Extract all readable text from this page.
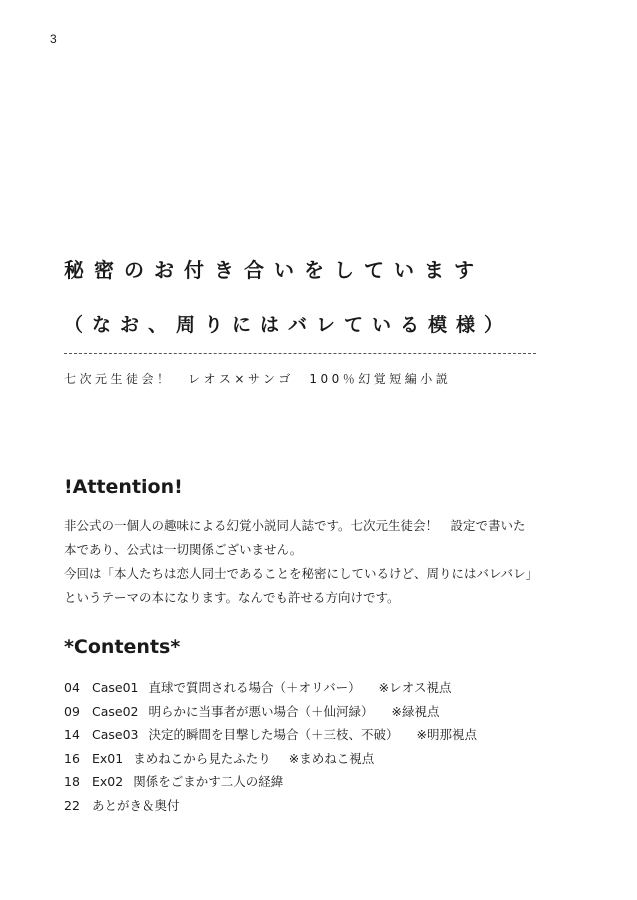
3
秘密のお付き合いをしています
（なお、周りにはバレている模様）
七次元生徒会！　レオス×サンゴ　100％幻覚短編小説
!Attention!

非公式の一個人の趣味による幻覚小説同人誌です。七次元生徒会！　設定で書いた本であり、公式は一切関係ございません。

今回は「本人たちは恋人同士であることを秘密にしているけど、周りにはバレバレ」というテーマの本になります。なんでも許せる方向けです。

*Contents*
04 Case01 直球で質問される場合（＋オリバー） ※レオス視点
09 Case02 明らかに当事者が悪い場合（＋仙河緑） ※緑視点
14 Case03 決定的瞬間を目撃した場合（＋三枝、不破） ※明那視点
16 Ex01 まめねこから見たふたり ※まめねこ視点
18 Ex02 関係をごまかす二人の経緯
22 あとがき＆奥付
